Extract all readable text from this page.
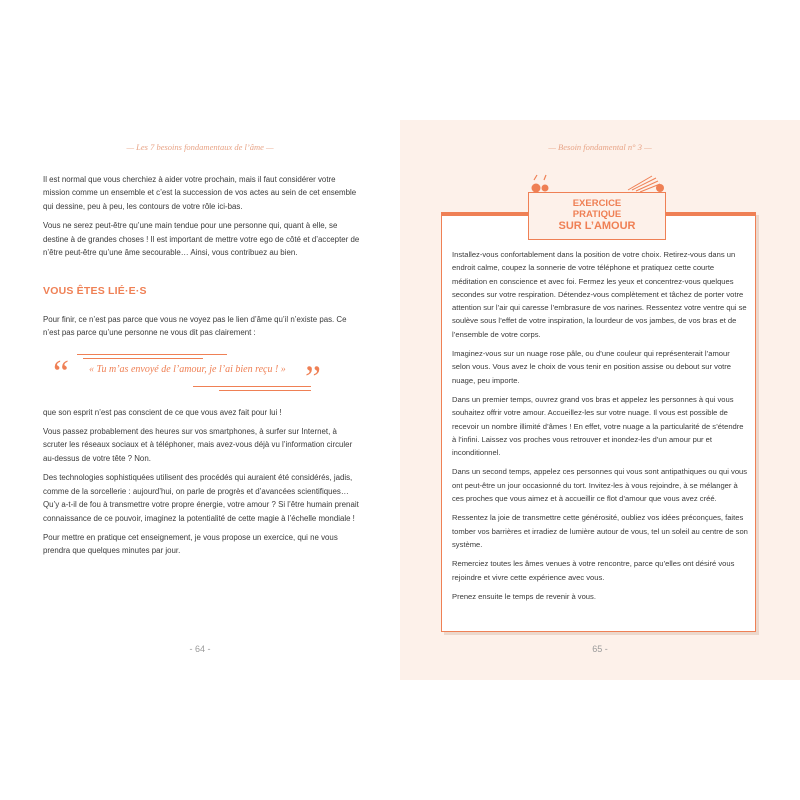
— Les 7 besoins fondamentaux de l’âme —

Il est normal que vous cherchiez à aider votre prochain, mais il faut considérer votre mission comme un ensemble et c’est la succession de vos actes au sein de cet ensemble qui dessine, peu à peu, les contours de votre rôle ici-bas.

Vous ne serez peut-être qu’une main tendue pour une personne qui, quant à elle, se destine à de grandes choses ! Il est important de mettre votre ego de côté et d’accepter de n’être peut-être qu’une âme secourable… Ainsi, vous contribuez au bien.

VOUS ÊTES LIÉ·E·S

Pour finir, ce n’est pas parce que vous ne voyez pas le lien d’âme qu’il n’existe pas. Ce n’est pas parce qu’une personne ne vous dit pas clairement :

” « Tu m’as envoyé de l’amour, je l’ai bien reçu ! » ”

que son esprit n’est pas conscient de ce que vous avez fait pour lui !

Vous passez probablement des heures sur vos smartphones, à surfer sur Internet, à scruter les réseaux sociaux et à téléphoner, mais avez-vous déjà vu l’information circuler au-dessus de votre tête ? Non.

Des technologies sophistiquées utilisent des procédés qui auraient été considérés, jadis, comme de la sorcellerie : aujourd’hui, on parle de progrès et d’avancées scientifiques… Qu’y a-t-il de fou à transmettre votre propre énergie, votre amour ? Si l’être humain prenait connaissance de ce pouvoir, imaginez la potentialité de cette magie à l’échelle mondiale !

Pour mettre en pratique cet enseignement, je vous propose un exercice, qui ne vous prendra que quelques minutes par jour.

- 64 -
— Besoin fondamental n° 3 —
EXERCICE
PRATIQUE
SUR L’AMOUR

Installez-vous confortablement dans la position de votre choix. Retirez-vous dans un endroit calme, coupez la sonnerie de votre téléphone et pratiquez cette courte méditation en conscience et avec foi. Fermez les yeux et concentrez-vous quelques secondes sur votre respiration. Détendez-vous complètement et tâchez de porter votre attention sur l’air qui caresse l’embrasure de vos narines. Ressentez votre ventre qui se soulève sous l’effet de votre inspiration, la lourdeur de vos jambes, de vos bras et de l’ensemble de votre corps.

Imaginez-vous sur un nuage rose pâle, ou d’une couleur qui représenterait l’amour selon vous. Vous avez le choix de vous tenir en position assise ou debout sur votre nuage, peu importe.

Dans un premier temps, ouvrez grand vos bras et appelez les personnes à qui vous souhaitez offrir votre amour. Accueillez-les sur votre nuage. Il vous est possible de recevoir un nombre illimité d’âmes ! En effet, votre nuage a la particularité de s’étendre à l’infini. Laissez vos proches vous retrouver et inondez-les d’un amour pur et inconditionnel.

Dans un second temps, appelez ces personnes qui vous sont antipathiques ou qui vous ont peut-être un jour occasionné du tort. Invitez-les à vous rejoindre, à se mélanger à ces proches que vous aimez et à accueillir ce flot d’amour que vous avez créé.

Ressentez la joie de transmettre cette générosité, oubliez vos idées préconçues, faites tomber vos barrières et irradiez de lumière autour de vous, tel un soleil au centre de son système.

Remerciez toutes les âmes venues à votre rencontre, parce qu’elles ont désiré vous rejoindre et vivre cette expérience avec vous.

Prenez ensuite le temps de revenir à vous.

65 -
